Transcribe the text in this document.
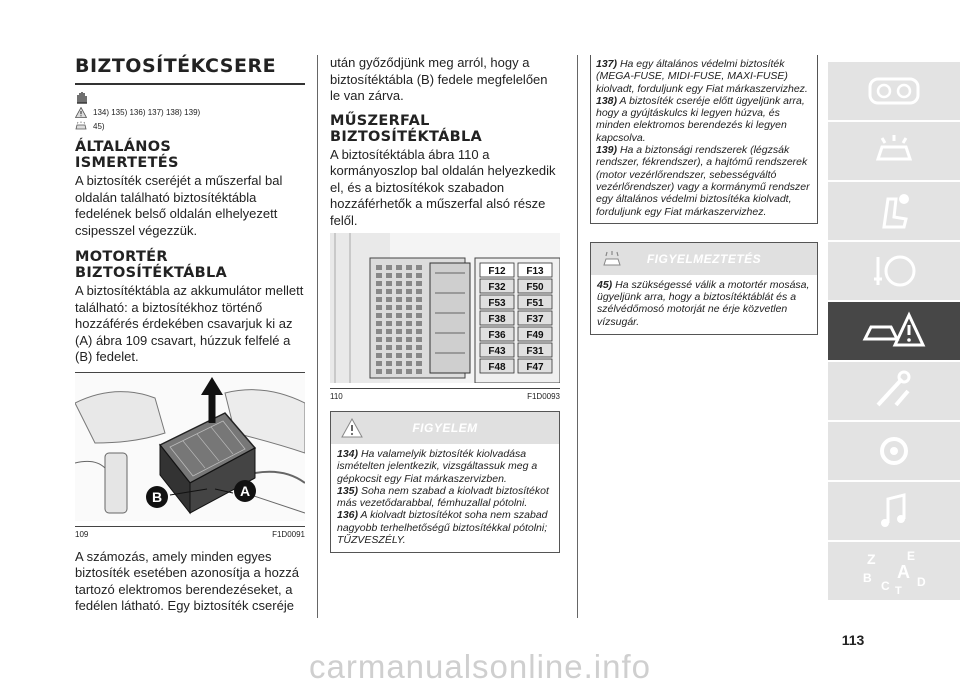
BIZTOSÍTÉKCSERE
134) 135) 136) 137) 138) 139)
45)
ÁLTALÁNOS
ISMERTETÉS

A biztosíték cseréjét a műszerfal bal oldalán található biztosítéktábla fedelének belső oldalán elhelyezett csipesszel végezzük.

MOTORTÉR
BIZTOSÍTÉKTÁBLA

A biztosítéktábla az akkumulátor mellett található: a biztosítékhoz történő hozzáférés érdekében csavarjuk ki az (A) ábra 109 csavart, húzzuk felfelé a (B) fedelet.

B	A
109	F1D0091

A számozás, amely minden egyes biztosíték esetében azonosítja a hozzá tartozó elektromos berendezéseket, a fedélen látható. Egy biztosíték cseréje

után győződjünk meg arról, hogy a biztosítéktábla (B) fedele megfelelően le van zárva.

MŰSZERFAL
BIZTOSÍTÉKTÁBLA

A biztosítéktábla ábra 110 a kormányoszlop bal oldalán helyezkedik el, és a biztosítékok szabadon hozzáférhetők a műszerfal alsó része felől.

F12 F13
F32 F50
F53 F51
F38 F37
F36 F49
F43 F31
F48 F47
110	F1D0093
FIGYELEM

134) Ha valamelyik biztosíték kiolvadása ismételten jelentkezik, vizsgáltassuk meg a gépkocsit egy Fiat márkaszervizben.

135) Soha nem szabad a kiolvadt biztosítékot más vezetődarabbal, fémhuzallal pótolni.

136) A kiolvadt biztosítékot soha nem szabad nagyobb terhelhetőségű biztosítékkal pótolni; TŰZVESZÉLY.

137) Ha egy általános védelmi biztosíték (MEGA-FUSE, MIDI-FUSE, MAXI-FUSE) kiolvadt, forduljunk egy Fiat márkaszervizhez.

138) A biztosíték cseréje előtt ügyeljünk arra, hogy a gyújtáskulcs ki legyen húzva, és minden elektromos berendezés ki legyen kapcsolva.

139) Ha a biztonsági rendszerek (légzsák rendszer, fékrendszer), a hajtómű rendszerek (motor vezérlőrendszer, sebességváltó vezérlőrendszer) vagy a kormánymű rendszer egy általános védelmi biztosítéka kiolvadt, forduljunk egy Fiat márkaszervizhez.

FIGYELMEZTETÉS

45) Ha szükségessé válik a motortér mosása, ügyeljünk arra, hogy a biztosítéktáblát és a szélvédőmosó motorját ne érje közvetlen vízsugár.

Z	E
B A
C D
T
113
carmanualsonline.info
